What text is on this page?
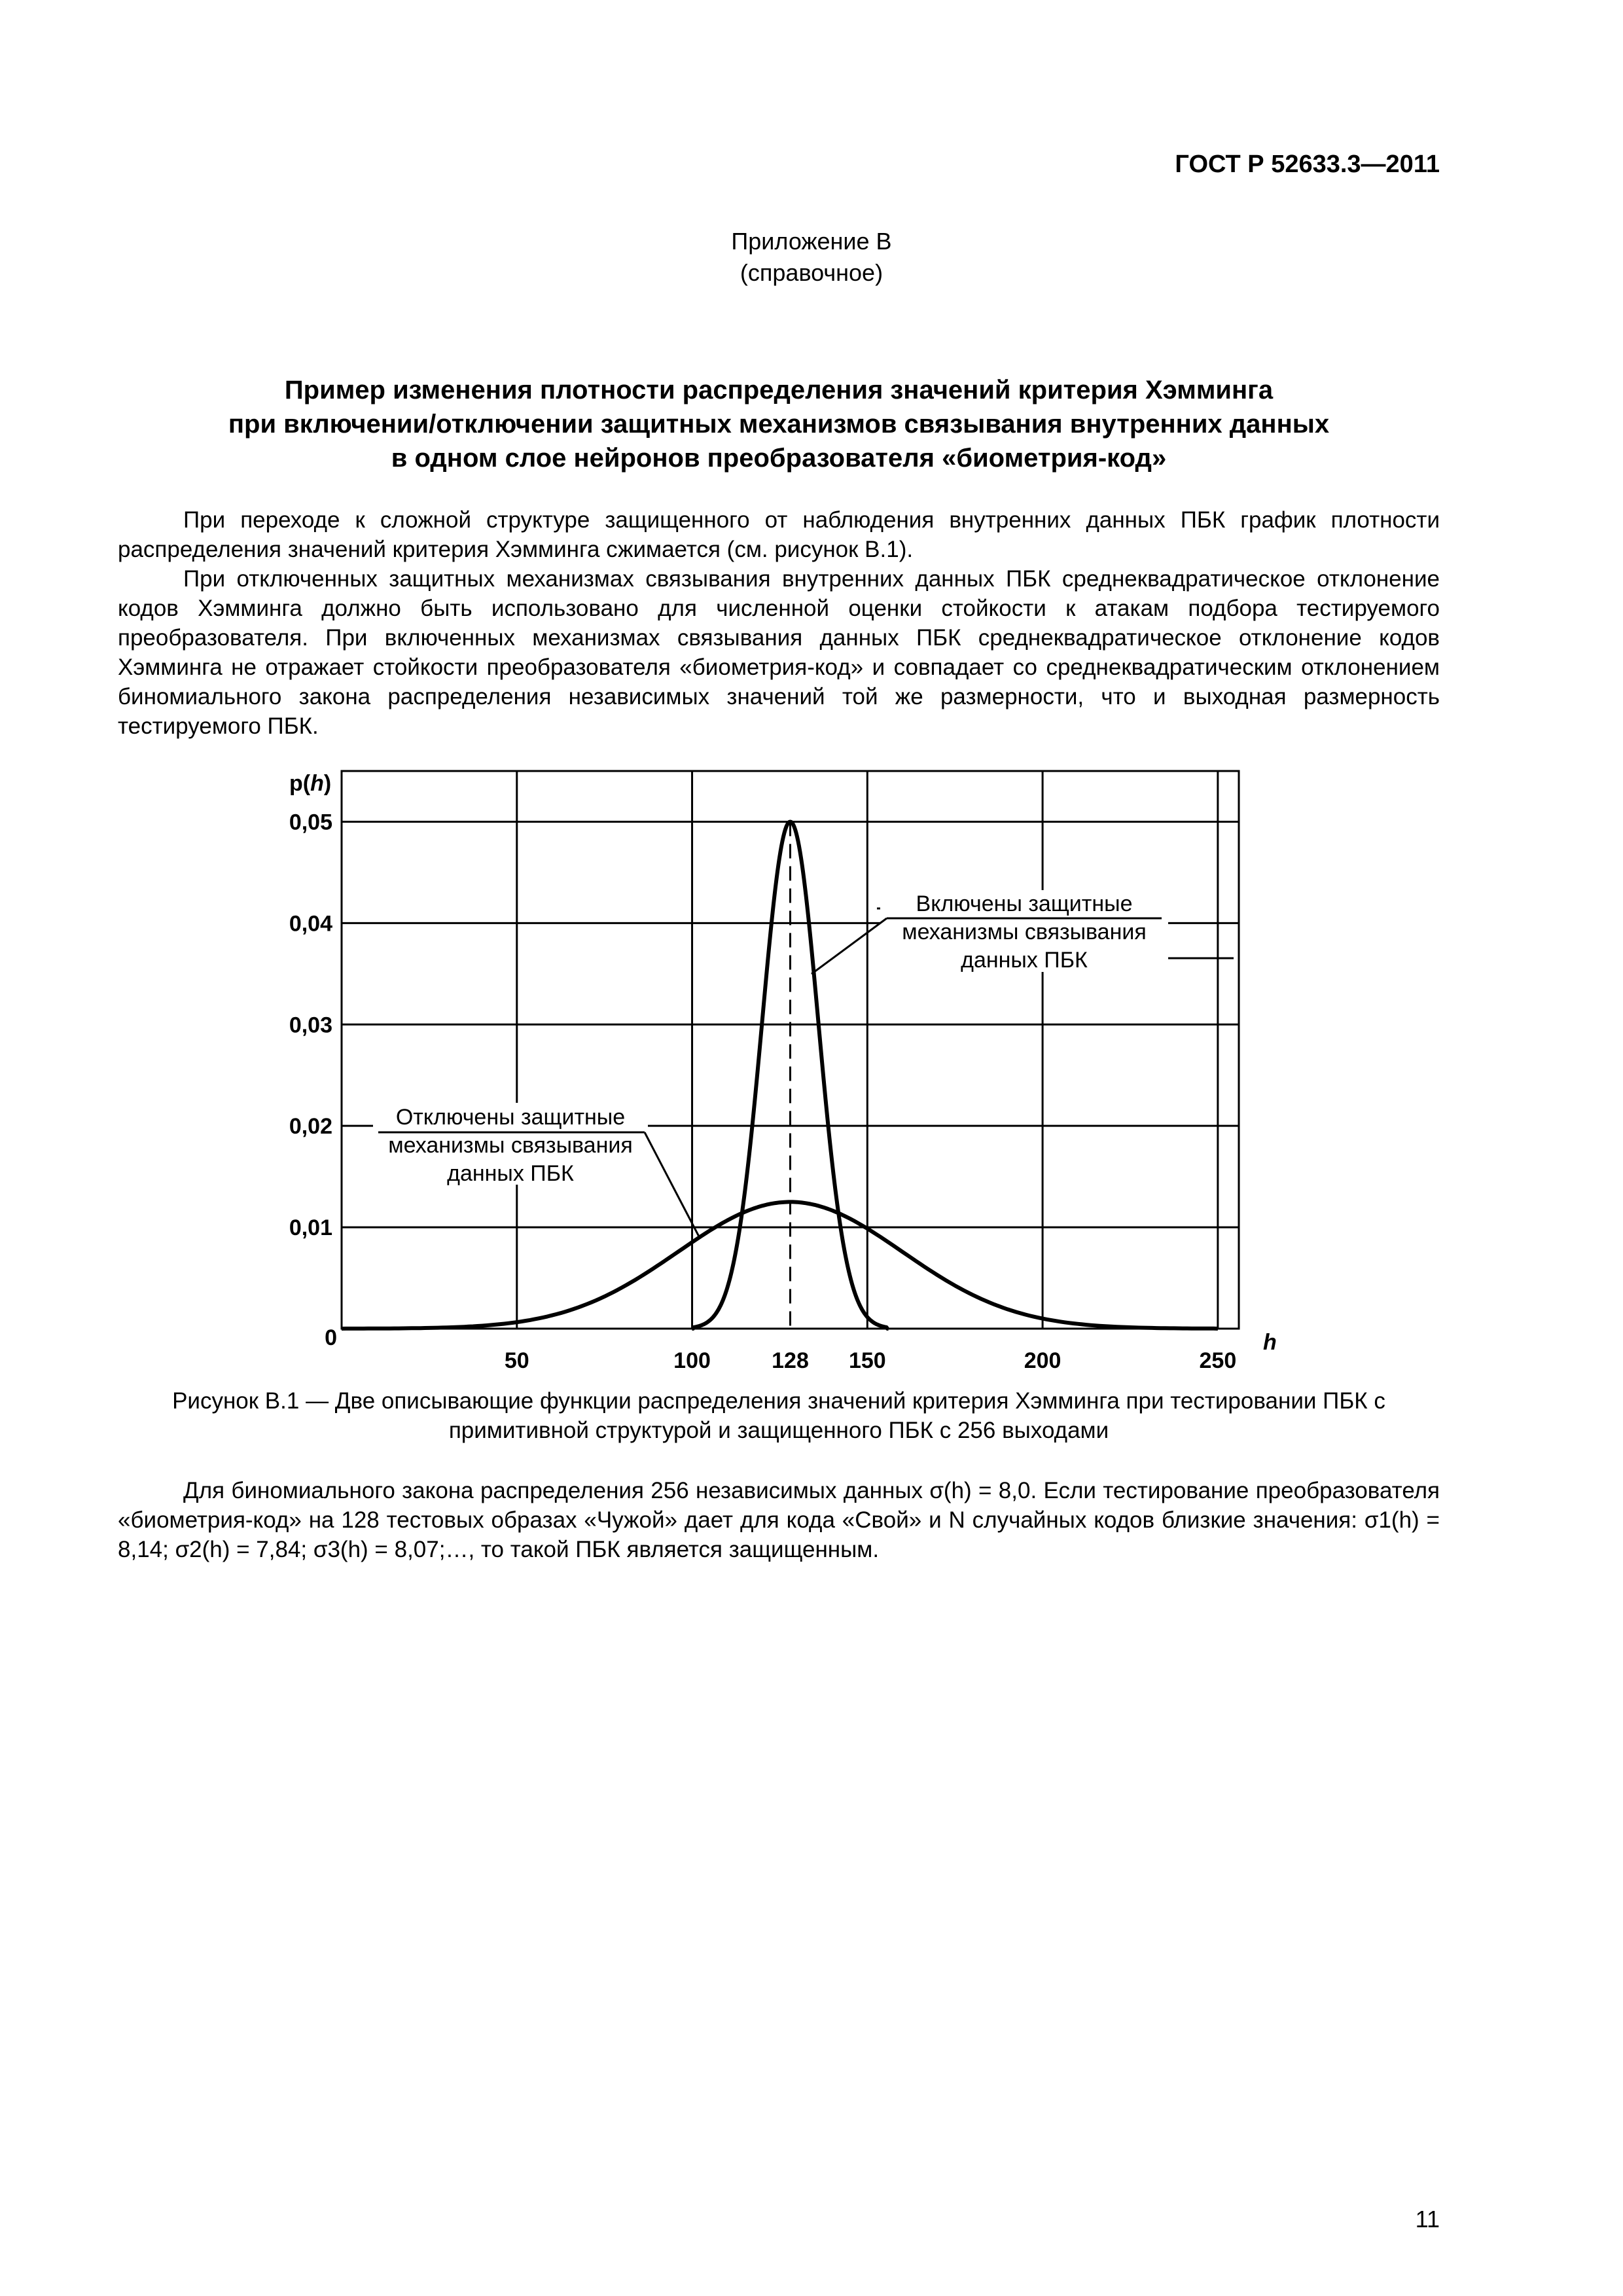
ГОСТ Р 52633.3—2011
Приложение В
(справочное)
Пример изменения плотности распределения значений критерия Хэмминга
при включении/отключении защитных механизмов связывания внутренних данных
в одном слое нейронов преобразователя «биометрия-код»

При переходе к сложной структуре защищенного от наблюдения внутренних данных ПБК график плотности распределения значений критерия Хэмминга сжимается (см. рисунок В.1).

При отключенных защитных механизмах связывания внутренних данных ПБК среднеквадратическое отклонение кодов Хэмминга должно быть использовано для численной оценки стойкости к атакам подбора тестируемого преобразователя. При включенных механизмах связывания данных ПБК среднеквадратическое отклонение кодов Хэмминга не отражает стойкости преобразователя «биометрия-код» и совпадает со среднеквадратическим отклонением биномиального закона распределения независимых значений той же размерности, что и выходная размерность тестируемого ПБК.

0,01
0,02
0,03
0,04
0,05
50	100	128 150	200	250
Включены защитные
механизмы связывания
данных ПБК
Отключены защитные
механизмы связывания
данных ПБК
p(h)
h
0
Рисунок В.1 — Две описывающие функции распределения значений критерия Хэмминга при тестировании ПБК с
примитивной структурой и защищенного ПБК с 256 выходами

Для биномиального закона распределения 256 независимых данных σ(h) = 8,0. Если тестирование преобразователя «биометрия-код» на 128 тестовых образах «Чужой» дает для кода «Свой» и N случайных кодов близкие значения: σ1(h) = 8,14; σ2(h) = 7,84; σ3(h) = 8,07;…, то такой ПБК является защищенным.

11
